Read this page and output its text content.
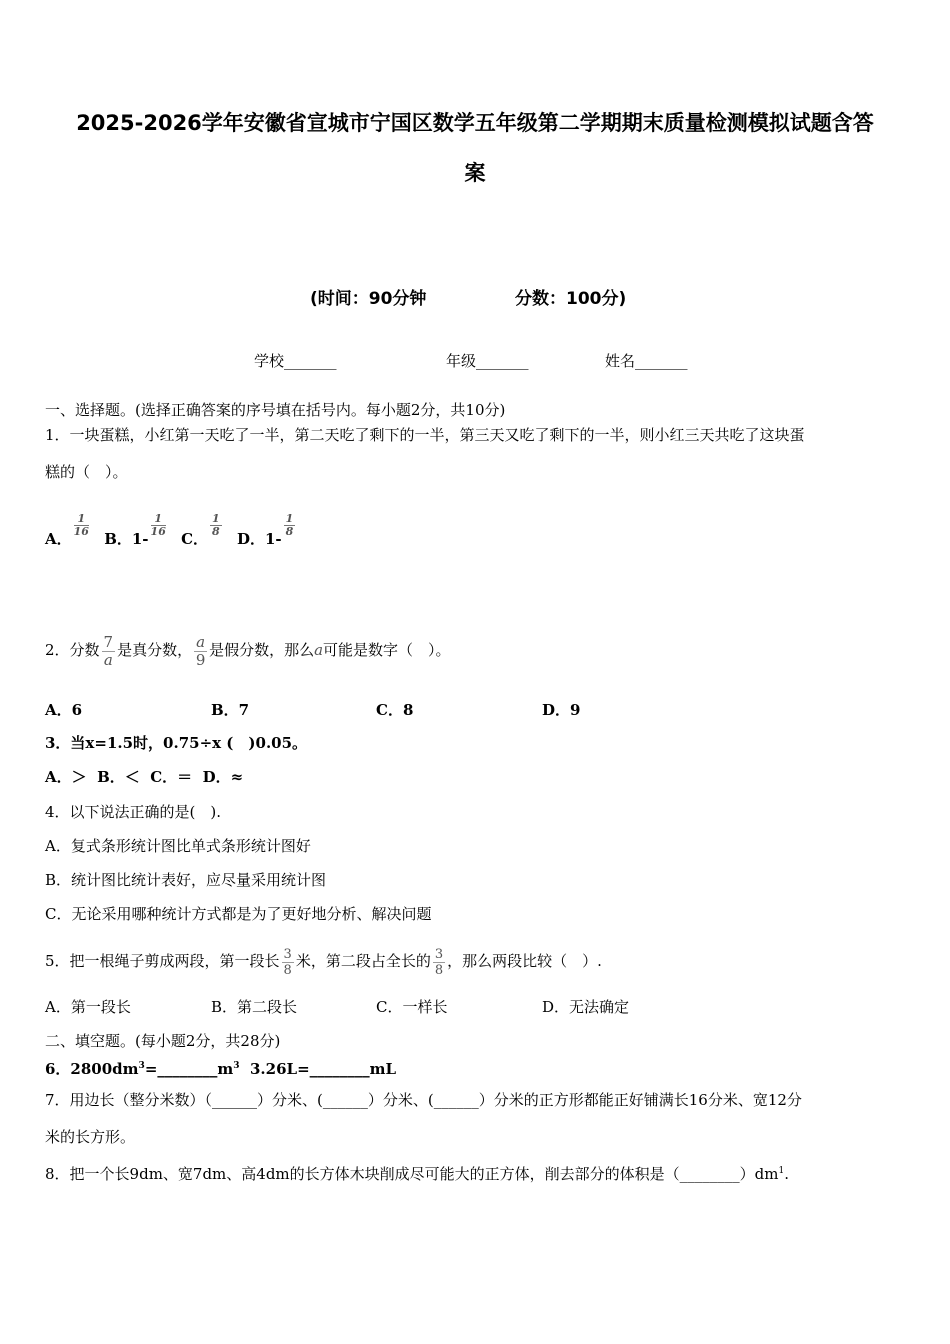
2025-2026学年安徽省宣城市宁国区数学五年级第二学期期末质量检测模拟试题含答
案
(时间：90分钟	分数：100分)
学校_______	年级_______	姓名_______
一、选择题。(选择正确答案的序号填在括号内。每小题2分，共10分)
1．一块蛋糕，小红第一天吃了一半，第二天吃了剩下的一半，第三天又吃了剩下的一半，则小红三天共吃了这块蛋
糕的（　）。
A．
$\frac{1}{16}$
B．1-
$\frac{1}{16}$
C．
$\frac{1}{8}$
D．1-
$\frac{1}{8}$
2．分数 $\frac{7}{a}$ 是真分数， $\frac{a}{9}$ 是假分数，那么a可能是数字（　）。
A．6	B．7	C．8	D．9
3．当x=1.5时，0.75÷x (　)0.05。
A．＞ B．＜ C．＝ D．≈
4．以下说法正确的是(　).
A．复式条形统计图比单式条形统计图好
B．统计图比统计表好，应尽量采用统计图
C．无论采用哪种统计方式都是为了更好地分析、解决问题
5．把一根绳子剪成两段，第一段长 $\frac{3}{8}$ 米，第二段占全长的 $\frac{3}{8}$ ，那么两段比较（　）.
A．第一段长	B．第二段长	C．一样长	D．无法确定
二、填空题。(每小题2分，共28分)
6．$2800dm^3=\_\_\_\_\_\_\_\_m^3$ 3.26L=________mL
7．用边长（整分米数）（______）分米、(______）分米、(______）分米的正方形都能正好铺满长16分米、宽12分
米的长方形。
8．把一个长9dm、宽7dm、高4dm的长方体木块削成尽可能大的正方体，削去部分的体积是$(\_\_\_\_\_\_\_\_)dm^1$.
